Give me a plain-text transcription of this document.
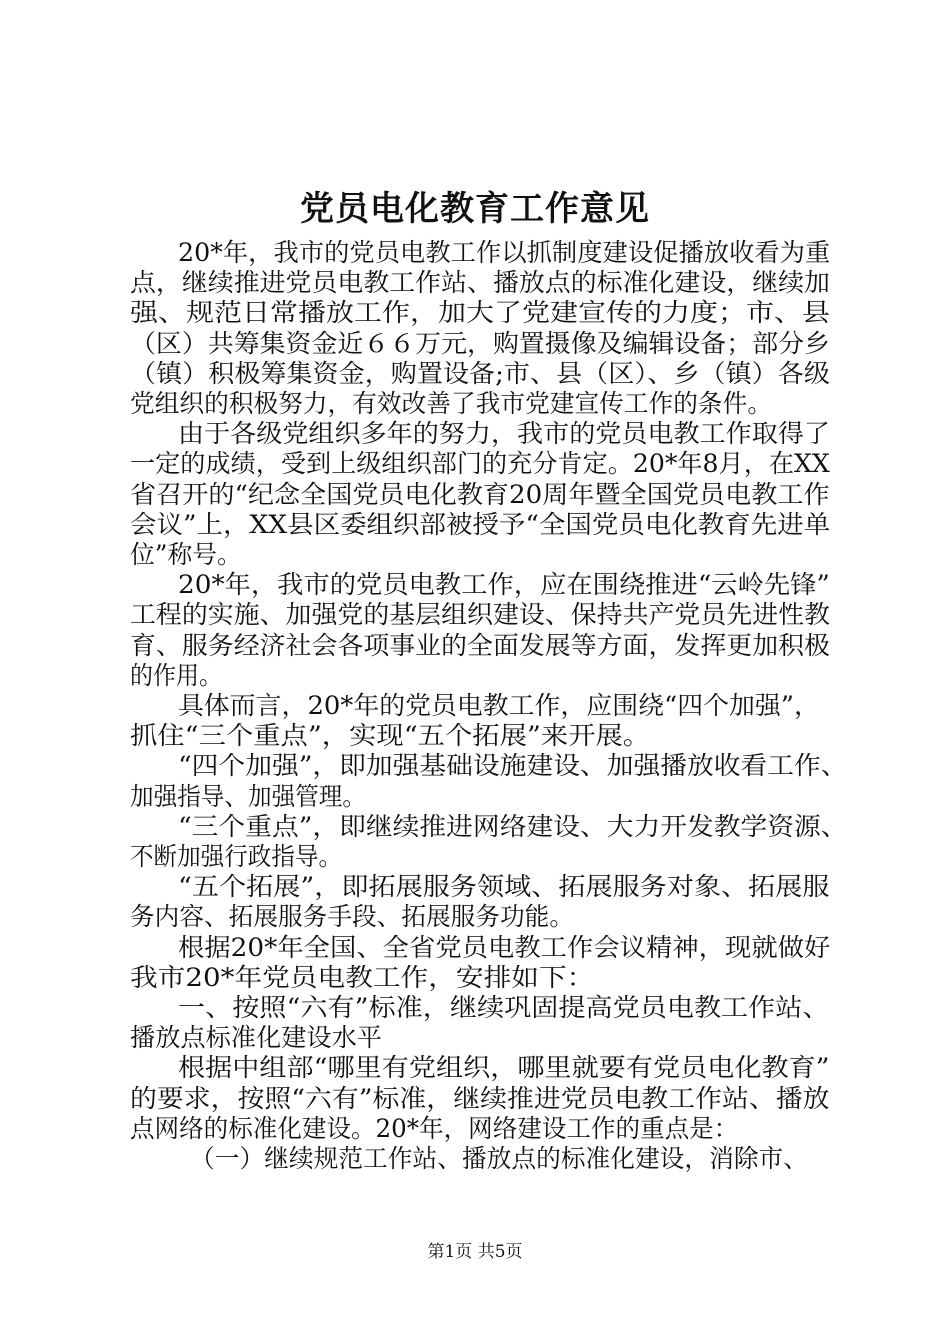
党员电化教育工作意见
20*年，我市的党员电教工作以抓制度建设促播放收看为重
点，继续推进党员电教工作站、播放点的标准化建设，继续加
强、规范日常播放工作，加大了党建宣传的力度；市、县
（区）共筹集资金近６６万元，购置摄像及编辑设备；部分乡
（镇）积极筹集资金，购置设备;市、县（区）、乡（镇）各级
党组织的积极努力，有效改善了我市党建宣传工作的条件。
由于各级党组织多年的努力，我市的党员电教工作取得了
一定的成绩，受到上级组织部门的充分肯定。20*年8月，在XX
省召开的“纪念全国党员电化教育20周年暨全国党员电教工作
会议”上，XX县区委组织部被授予“全国党员电化教育先进单
位”称号。
20*年，我市的党员电教工作，应在围绕推进“云岭先锋”
工程的实施、加强党的基层组织建设、保持共产党员先进性教
育、服务经济社会各项事业的全面发展等方面，发挥更加积极
的作用。
具体而言，20*年的党员电教工作，应围绕“四个加强”，
抓住“三个重点”，实现“五个拓展”来开展。
“四个加强”，即加强基础设施建设、加强播放收看工作、
加强指导、加强管理。
“三个重点”，即继续推进网络建设、大力开发教学资源、
不断加强行政指导。
“五个拓展”，即拓展服务领域、拓展服务对象、拓展服
务内容、拓展服务手段、拓展服务功能。
根据20*年全国、全省党员电教工作会议精神，现就做好
我市20*年党员电教工作，安排如下：
一、按照“六有”标准，继续巩固提高党员电教工作站、
播放点标准化建设水平
根据中组部“哪里有党组织，哪里就要有党员电化教育”
的要求，按照“六有”标准，继续推进党员电教工作站、播放
点网络的标准化建设。20*年，网络建设工作的重点是：
（一）继续规范工作站、播放点的标准化建设，消除市、
第1页 共5页
